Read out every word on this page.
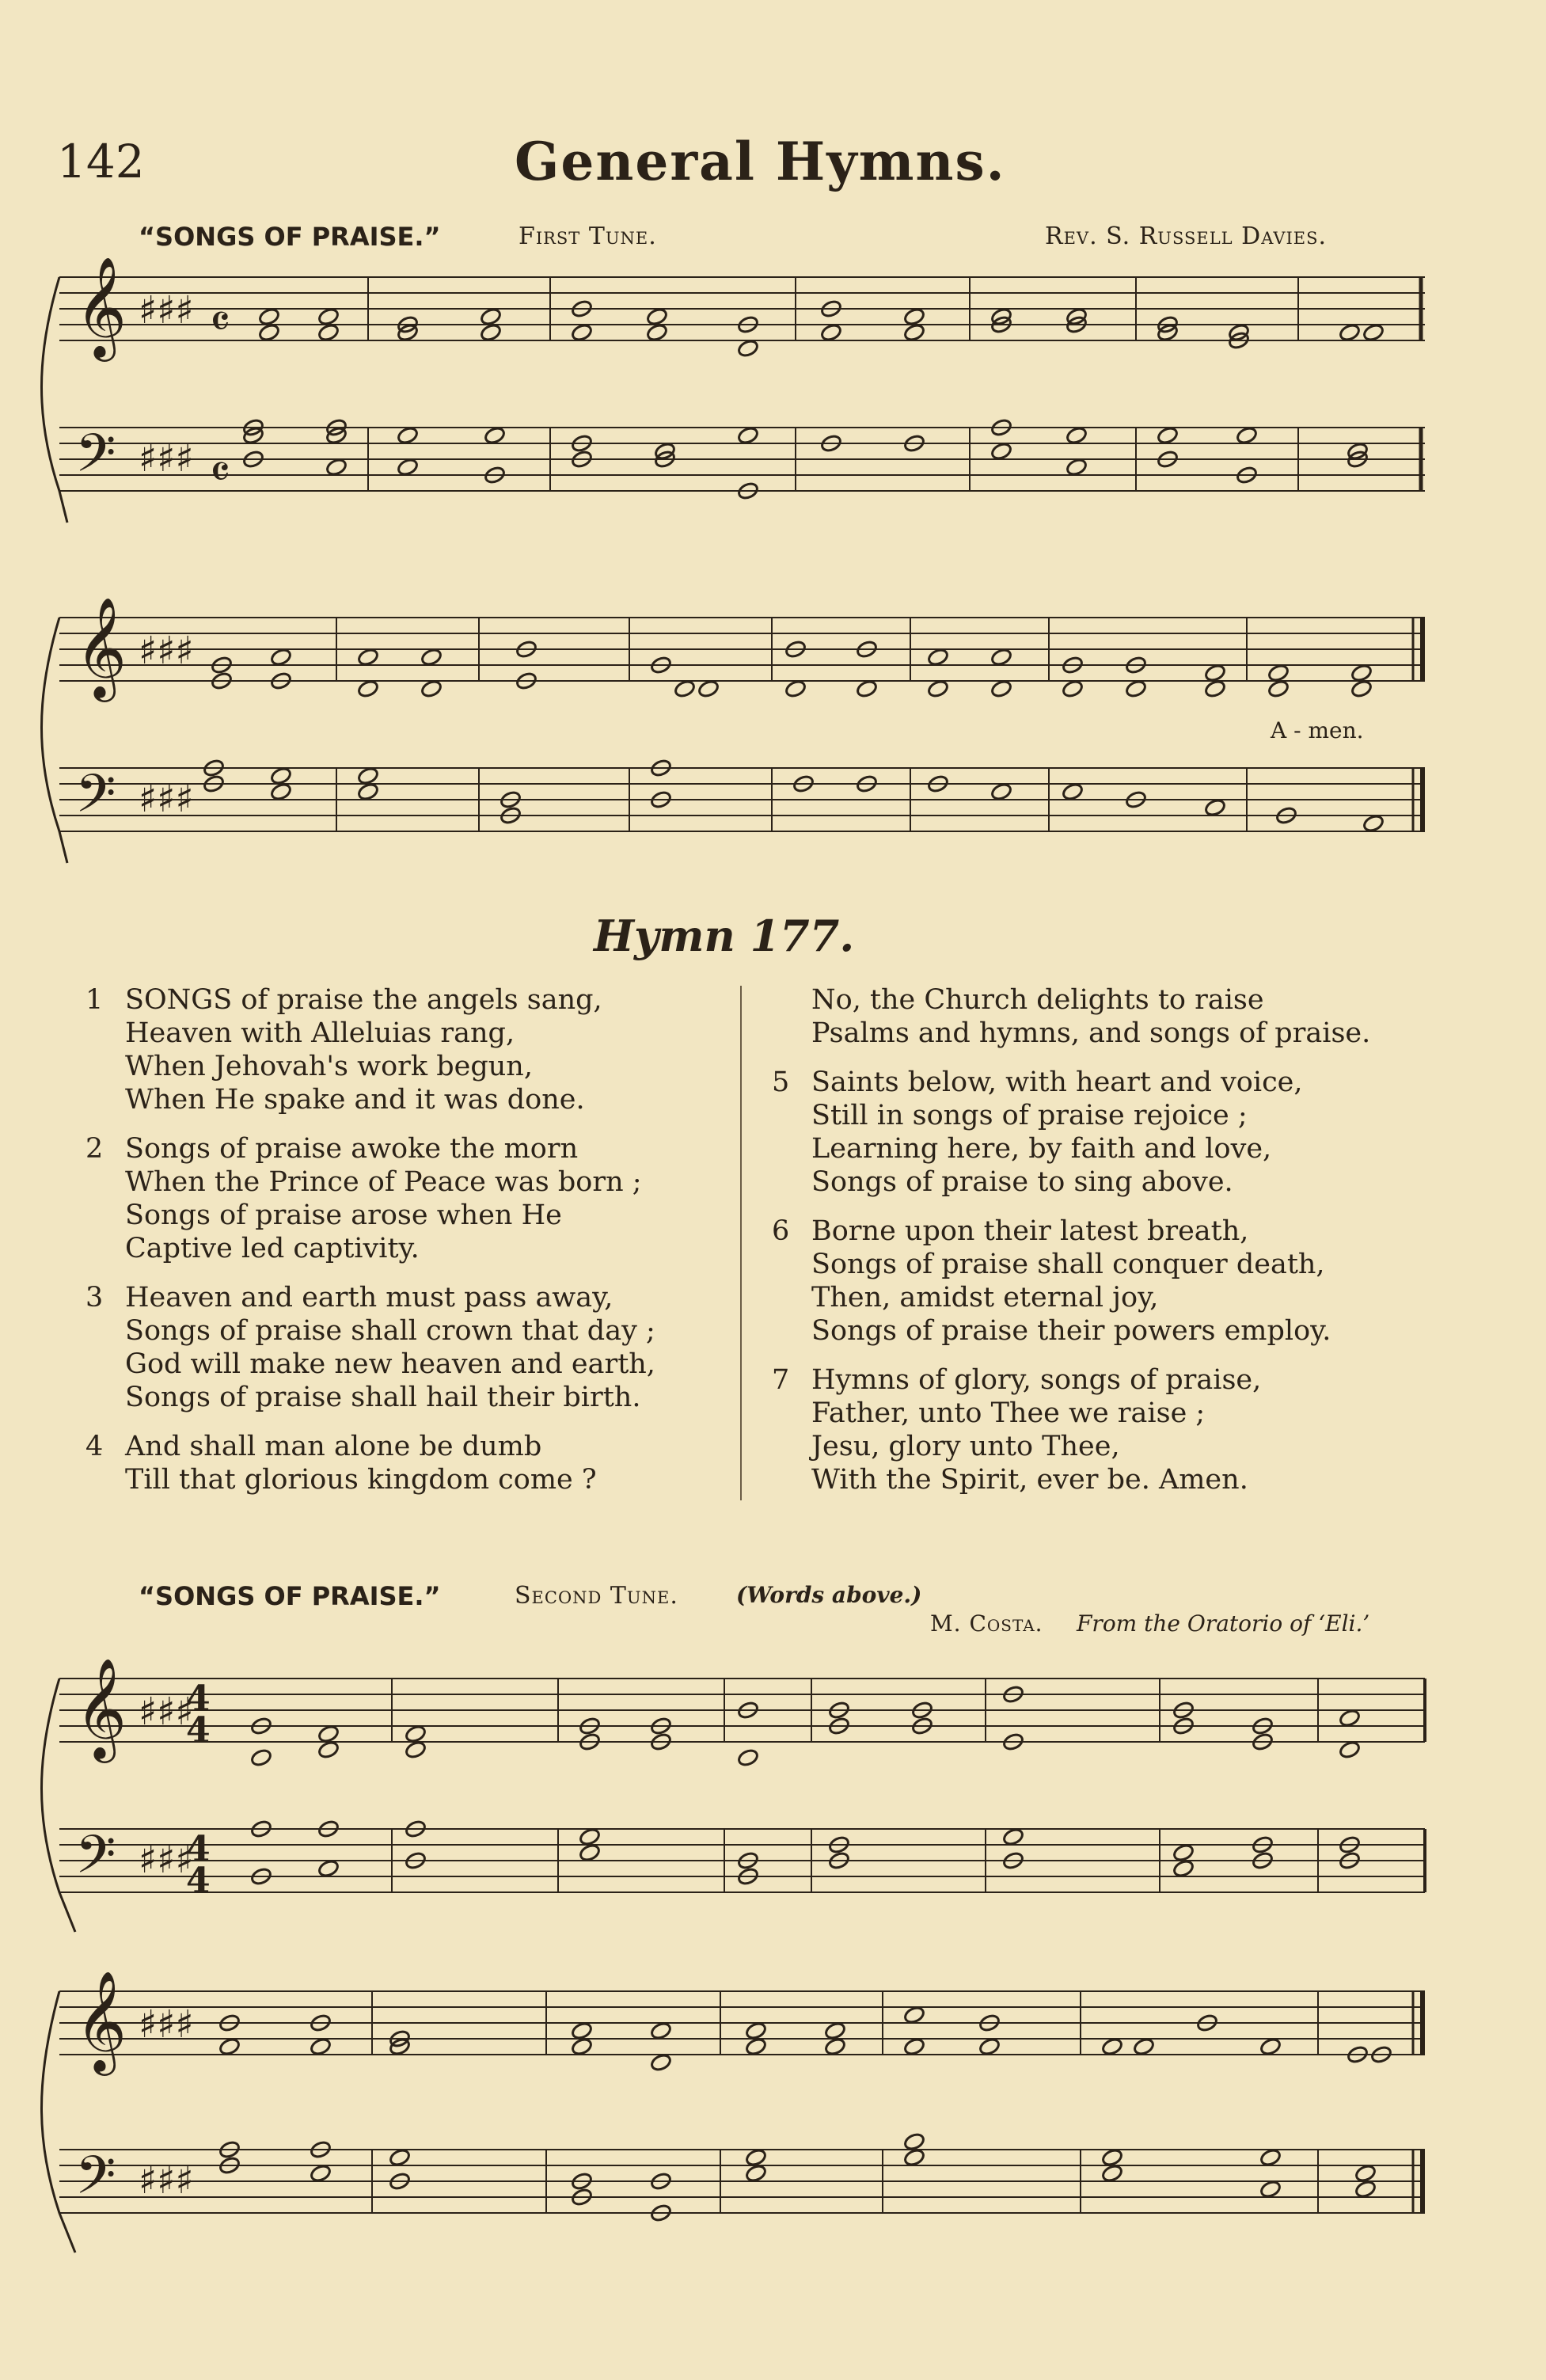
142	General Hymns.
“SONGS OF PRAISE.”	First Tune.	Rev. S. Russell Davies.
𝄞
𝄢
♯♯♯
♯♯♯
𝄴
𝄴
𝄞
𝄢
♯♯♯
♯♯♯
A - men.
Hymn 177.
1 SONGS of praise the angels sang,
Heaven with Alleluias rang,
When Jehovah's work begun,
When He spake and it was done.
2 Songs of praise awoke the morn
When the Prince of Peace was born ;
Songs of praise arose when He
Captive led captivity.
3 Heaven and earth must pass away,
Songs of praise shall crown that day ;
God will make new heaven and earth,
Songs of praise shall hail their birth.
4 And shall man alone be dumb
Till that glorious kingdom come ?
No, the Church delights to raise
Psalms and hymns, and songs of praise.
5 Saints below, with heart and voice,
Still in songs of praise rejoice ;
Learning here, by faith and love,
Songs of praise to sing above.
6 Borne upon their latest breath,
Songs of praise shall conquer death,
Then, amidst eternal joy,
Songs of praise their powers employ.
7 Hymns of glory, songs of praise,
Father, unto Thee we raise ;
Jesu, glory unto Thee,
With the Spirit, ever be. Amen.
“SONGS OF PRAISE.”	Second Tune.	(Words above.)
M. Costa. From the Oratorio of ‘Eli.’
𝄞
𝄢
♯♯♯
♯♯♯
4
4
4
4
𝄞
𝄢
♯♯♯
♯♯♯
